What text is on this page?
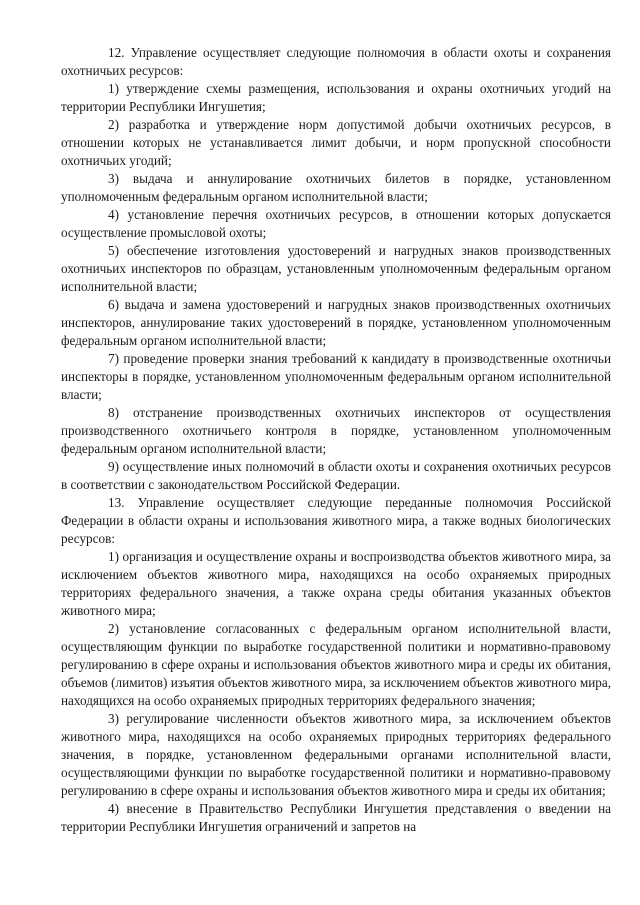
12. Управление осуществляет следующие полномочия в области охоты и сохранения охотничьих ресурсов:

1) утверждение схемы размещения, использования и охраны охотничьих угодий на территории Республики Ингушетия;

2) разработка и утверждение норм допустимой добычи охотничьих ресурсов, в отношении которых не устанавливается лимит добычи, и норм пропускной способности охотничьих угодий;

3) выдача и аннулирование охотничьих билетов в порядке, установленном уполномоченным федеральным органом исполнительной власти;

4) установление перечня охотничьих ресурсов, в отношении которых допускается осуществление промысловой охоты;

5) обеспечение изготовления удостоверений и нагрудных знаков производственных охотничьих инспекторов по образцам, установленным уполномоченным федеральным органом исполнительной власти;

6) выдача и замена удостоверений и нагрудных знаков производственных охотничьих инспекторов, аннулирование таких удостоверений в порядке, установленном уполномоченным федеральным органом исполнительной власти;

7) проведение проверки знания требований к кандидату в производственные охотничьи инспекторы в порядке, установленном уполномоченным федеральным органом исполнительной власти;

8) отстранение производственных охотничьих инспекторов от осуществления производственного охотничьего контроля в порядке, установленном уполномоченным федеральным органом исполнительной власти;

9) осуществление иных полномочий в области охоты и сохранения охотничьих ресурсов в соответствии с законодательством Российской Федерации.

13. Управление осуществляет следующие переданные полномочия Российской Федерации в области охраны и использования животного мира, а также водных биологических ресурсов:

1) организация и осуществление охраны и воспроизводства объектов животного мира, за исключением объектов животного мира, находящихся на особо охраняемых природных территориях федерального значения, а также охрана среды обитания указанных объектов животного мира;

2) установление согласованных с федеральным органом исполнительной власти, осуществляющим функции по выработке государственной политики и нормативно-правовому регулированию в сфере охраны и использования объектов животного мира и среды их обитания, объемов (лимитов) изъятия объектов животного мира, за исключением объектов животного мира, находящихся на особо охраняемых природных территориях федерального значения;

3) регулирование численности объектов животного мира, за исключением объектов животного мира, находящихся на особо охраняемых природных территориях федерального значения, в порядке, установленном федеральными органами исполнительной власти, осуществляющими функции по выработке государственной политики и нормативно-правовому регулированию в сфере охраны и использования объектов животного мира и среды их обитания;

4) внесение в Правительство Республики Ингушетия представления о введении на территории Республики Ингушетия ограничений и запретов на
